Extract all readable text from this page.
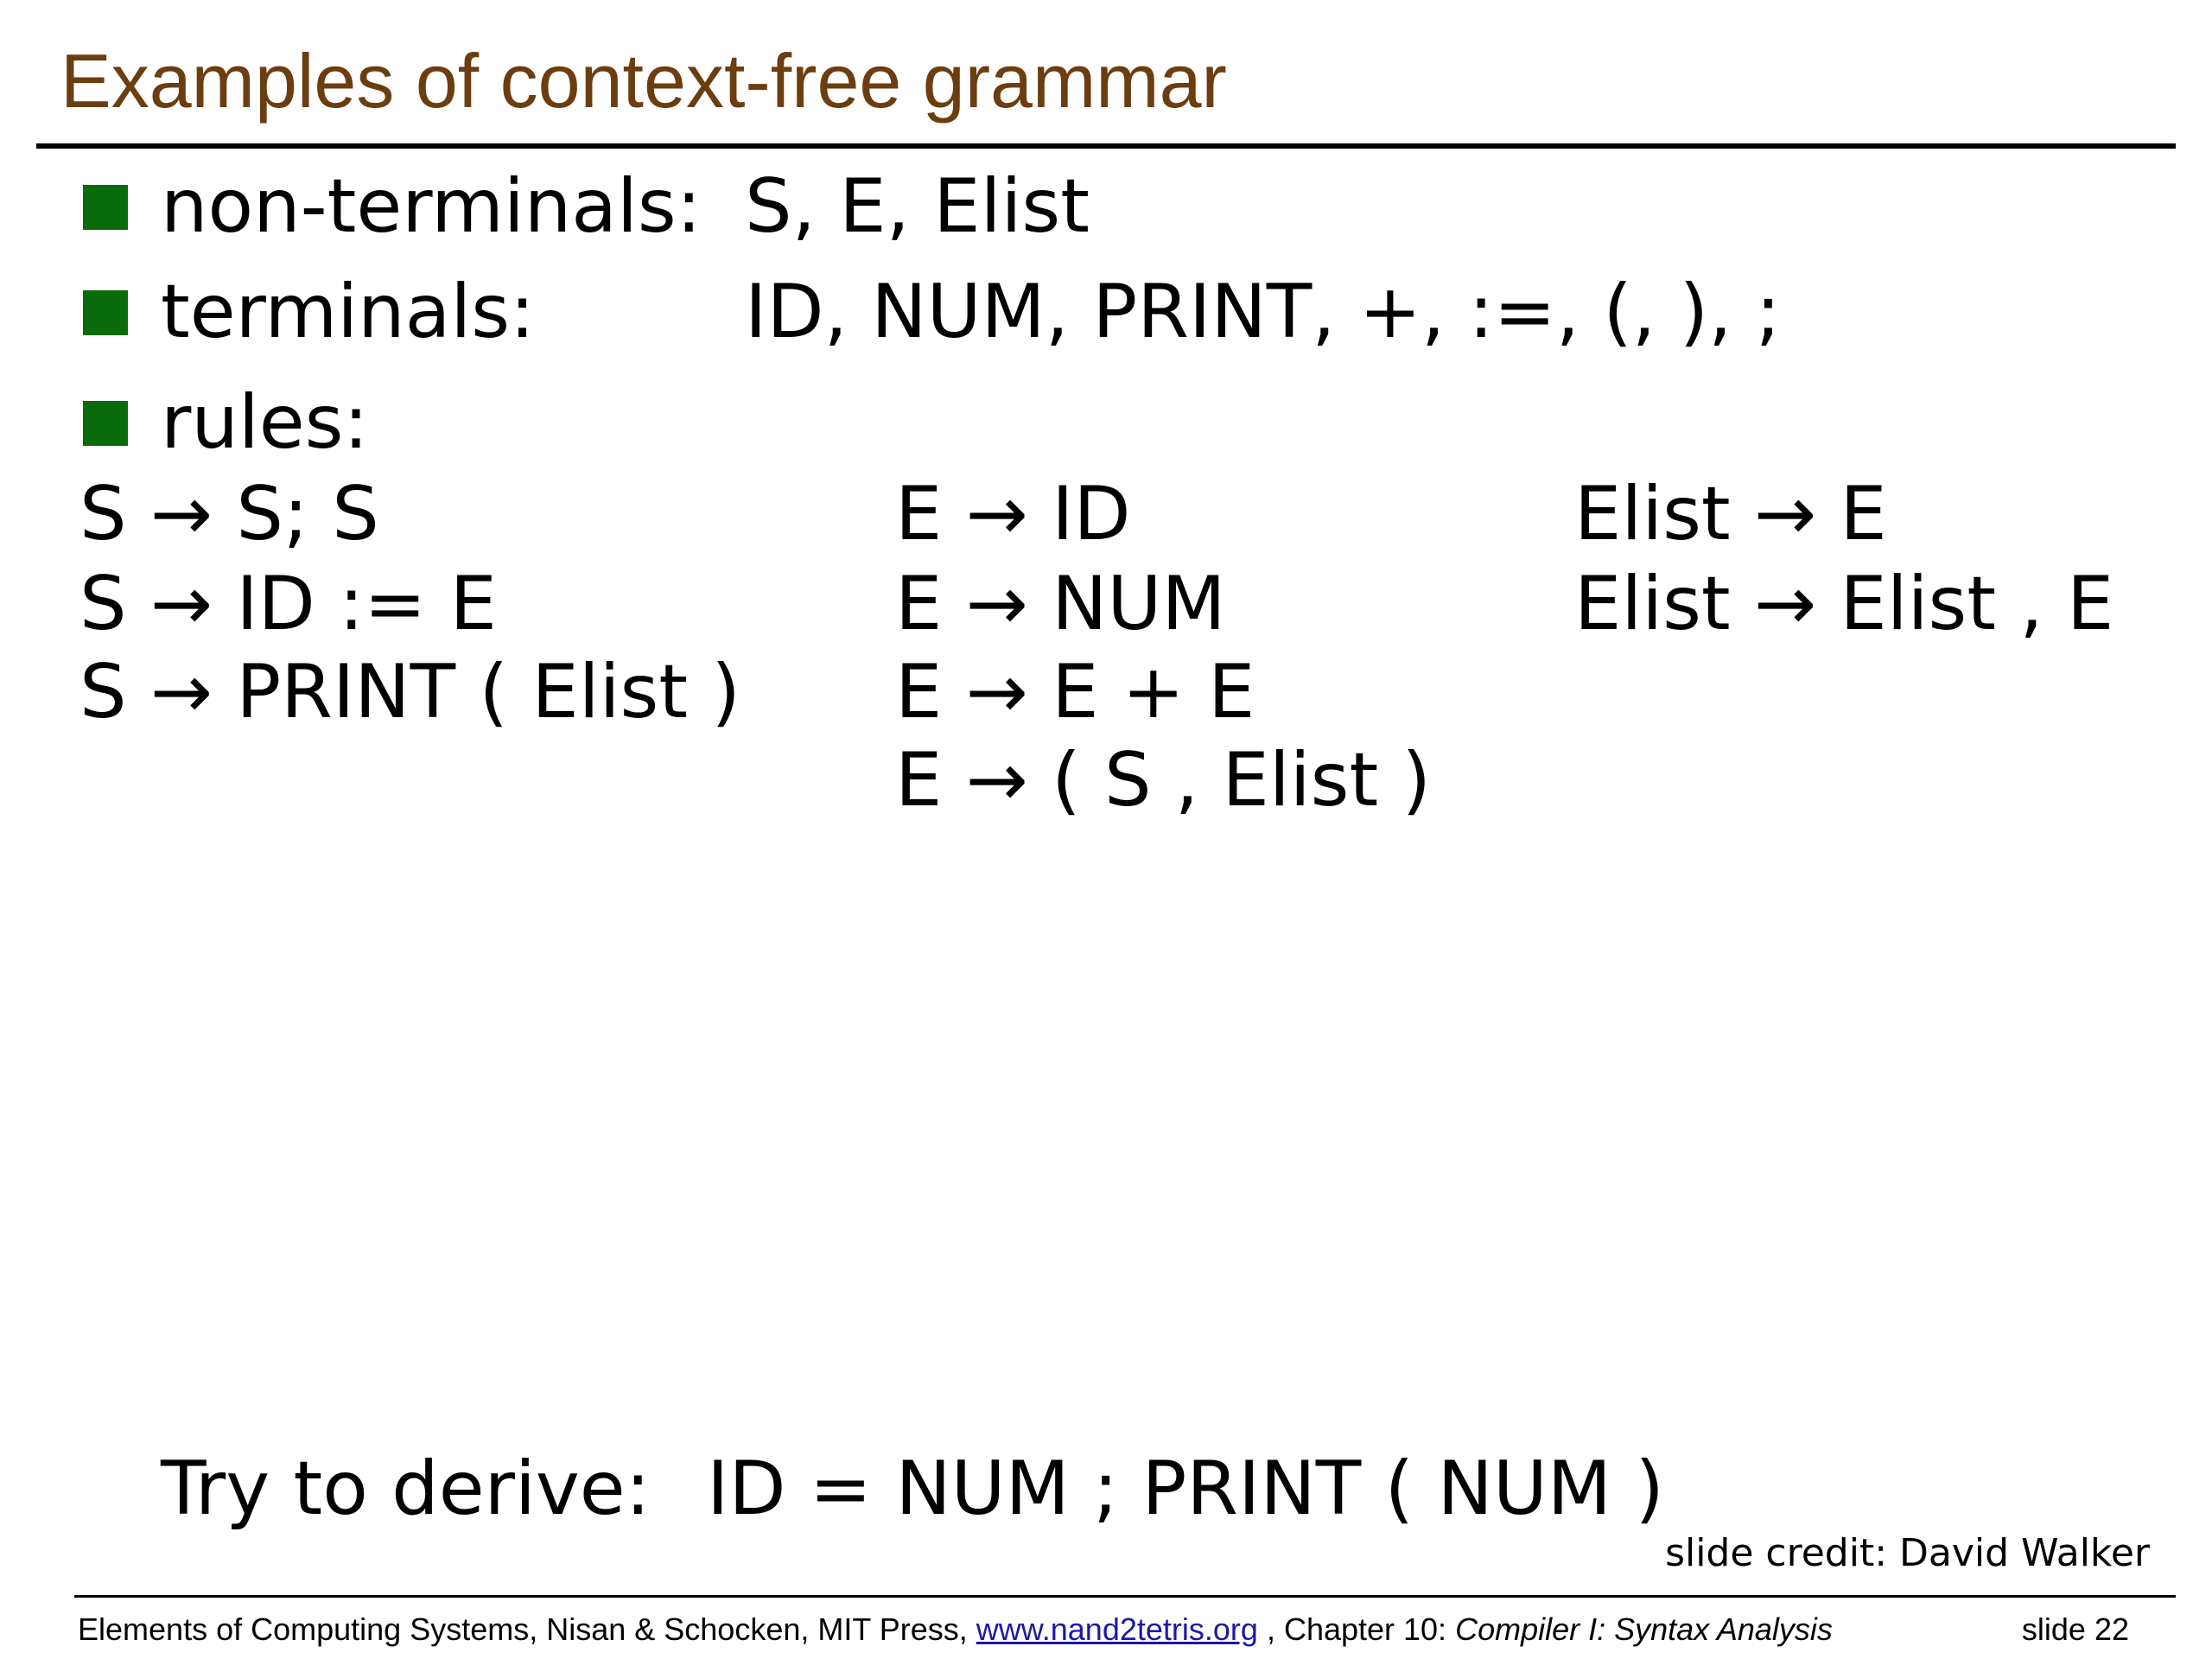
Examples of context-free grammar
non-terminals: S, E, Elist
terminals:	ID, NUM, PRINT, +, :=, (, ), ;
rules:
S → S; S
S → ID := E
S → PRINT ( Elist )
E → ID
E → NUM
E → E + E
E → ( S , Elist )
Elist → E
Elist → Elist , E
Try to derive: ID = NUM ; PRINT ( NUM )
slide credit: David Walker
Elements of Computing Systems, Nisan & Schocken, MIT Press, www.nand2tetris.org , Chapter 10: Compiler I: Syntax Analysis	slide 22
